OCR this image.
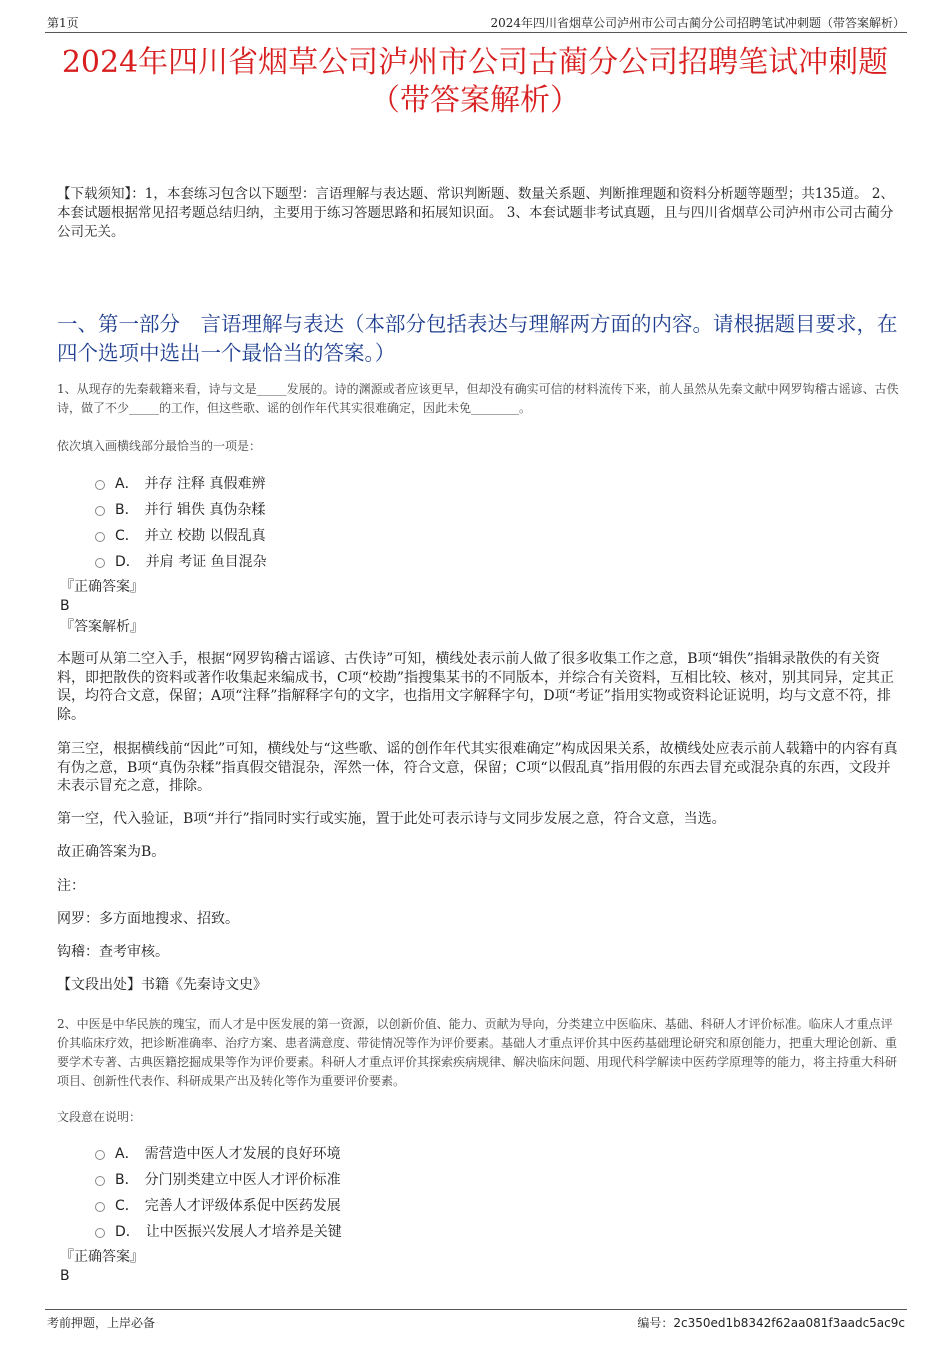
第1页	2024年四川省烟草公司泸州市公司古蔺分公司招聘笔试冲刺题（带答案解析）
2024年四川省烟草公司泸州市公司古蔺分公司招聘笔试冲刺题
（带答案解析）
【下载须知】：1，本套练习包含以下题型：言语理解与表达题、常识判断题、数量关系题、判断推理题和资料分析题等题型；共135道。 2、本套试题根据常见招考题总结归纳，主要用于练习答题思路和拓展知识面。 3、本套试题非考试真题，且与四川省烟草公司泸州市公司古蔺分公司无关。
一、第一部分　言语理解与表达（本部分包括表达与理解两方面的内容。请根据题目要求，在四个选项中选出一个最恰当的答案。）
1、从现存的先秦载籍来看，诗与文是_____发展的。诗的渊源或者应该更早，但却没有确实可信的材料流传下来，前人虽然从先秦文献中网罗钩稽古谣谚、古佚诗，做了不少_____的工作，但这些歌、谣的创作年代其实很难确定，因此未免________。
依次填入画横线部分最恰当的一项是：
A． 并存 注释 真假难辨
B． 并行 辑佚 真伪杂糅
C． 并立 校勘 以假乱真
D． 并肩 考证 鱼目混杂
『正确答案』
B
『答案解析』
本题可从第二空入手，根据“网罗钩稽古谣谚、古佚诗”可知，横线处表示前人做了很多收集工作之意，B项“辑佚”指辑录散佚的有关资料，即把散佚的资料或著作收集起来编成书，C项“校勘”指搜集某书的不同版本，并综合有关资料，互相比较、核对，别其同异，定其正误，均符合文意，保留；A项“注释”指解释字句的文字，也指用文字解释字句，D项“考证”指用实物或资料论证说明，均与文意不符，排除。
第三空，根据横线前“因此”可知，横线处与“这些歌、谣的创作年代其实很难确定”构成因果关系，故横线处应表示前人载籍中的内容有真有伪之意，B项“真伪杂糅”指真假交错混杂，浑然一体，符合文意，保留；C项“以假乱真”指用假的东西去冒充或混杂真的东西，文段并未表示冒充之意，排除。
第一空，代入验证，B项“并行”指同时实行或实施，置于此处可表示诗与文同步发展之意，符合文意，当选。
故正确答案为B。
注：
网罗：多方面地搜求、招致。
钩稽：查考审核。
【文段出处】书籍《先秦诗文史》
2、中医是中华民族的瑰宝，而人才是中医发展的第一资源，以创新价值、能力、贡献为导向，分类建立中医临床、基础、科研人才评价标准。临床人才重点评价其临床疗效，把诊断准确率、治疗方案、患者满意度、带徒情况等作为评价要素。基础人才重点评价其中医药基础理论研究和原创能力，把重大理论创新、重要学术专著、古典医籍挖掘成果等作为评价要素。科研人才重点评价其探索疾病规律、解决临床问题、用现代科学解读中医药学原理等的能力，将主持重大科研项目、创新性代表作、科研成果产出及转化等作为重要评价要素。
文段意在说明：
A． 需营造中医人才发展的良好环境
B． 分门别类建立中医人才评价标准
C． 完善人才评级体系促中医药发展
D． 让中医振兴发展人才培养是关键
『正确答案』
B
考前押题，上岸必备	编号：2c350ed1b8342f62aa081f3aadc5ac9c
